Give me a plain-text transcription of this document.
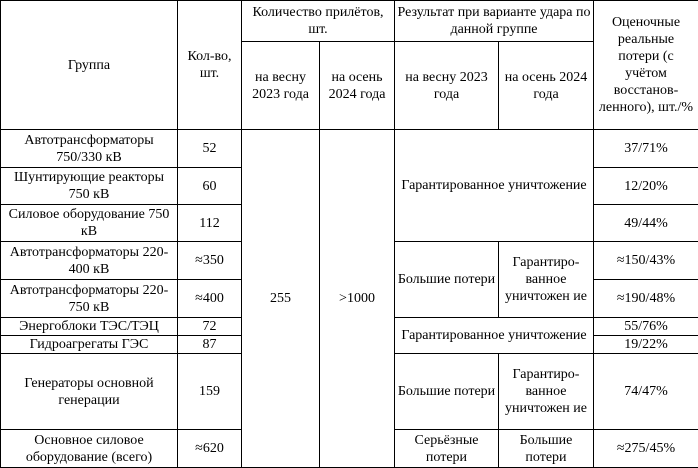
Группа	Кол-во, шт.	Количество прилётов, шт.		Результат при варианте удара по данной группе		Оценочные реальные потери (с учётом восстанов-ленного), шт./%
		на весну 2023 года	на осень 2024 года	на весну 2023 года	на осень 2024 года	
Автотрансформаторы 750/330 кВ	52	255	>1000	Гарантированное уничтожение		37/71%
Шунтирующие реакторы 750 кВ	60					12/20%
Силовое оборудование 750 кВ	112					49/44%
Автотрансформаторы 220-400 кВ	≈350			Большие потери	Гарантиро-ванное уничтожен ие	≈150/43%
Автотрансформаторы 220-750 кВ	≈400					≈190/48%
Энергоблоки ТЭС/ТЭЦ	72			Гарантированное уничтожение		55/76%
Гидроагрегаты ГЭС	87					19/22%
Генераторы основной генерации	159			Большие потери	Гарантиро-ванное уничтожен ие	74/47%
Основное силовое оборудование (всего)	≈620			Серьёзные потери	Большие потери	≈275/45%
